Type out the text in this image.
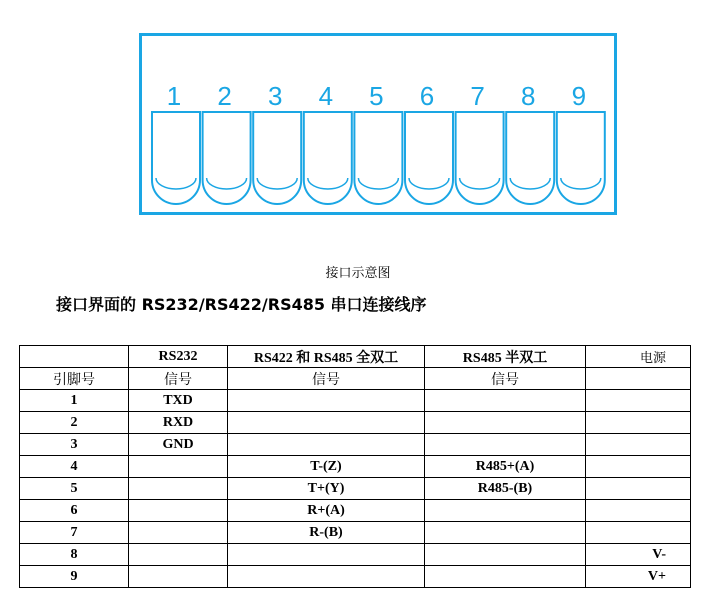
1 2 3 4 5 6 7 8 9
接口示意图
接口界面的 RS232/RS422/RS485 串口连接线序
	RS232	RS422 和 RS485 全双工	RS485 半双工	电源
引脚号	信号	信号	信号	
1	TXD			
2	RXD			
3	GND			
4		T-(Z)	R485+(A)	
5		T+(Y)	R485-(B)	
6		R+(A)		
7		R-(B)		
8				V-
9				V+
